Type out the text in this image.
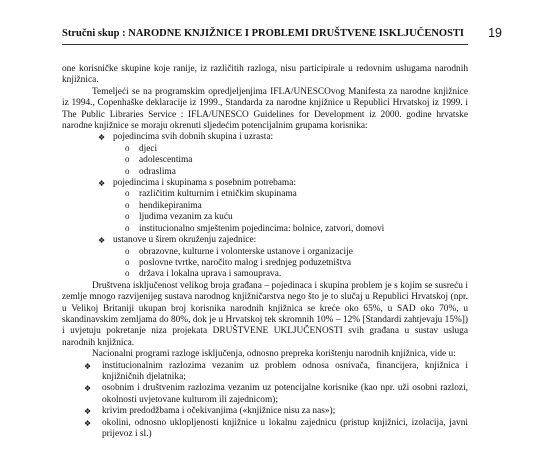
Stručni skup : NARODNE KNJIŽNICE I PROBLEMI DRUŠTVENE ISKLJUČENOSTI 19

one korisničke skupine koje ranije, iz različitih razloga, nisu participirale u redovnim uslugama narodnih knjižnica.

Temeljeći se na programskim opredjeljenjima IFLA/UNESCOvog Manifesta za narodne knjižnice iz 1994., Copenhaške deklaracije iz 1999., Standarda za narodne knjižnice u Republici Hrvatskoj iz 1999. i The Public Libraries Service : IFLA/UNESCO Guidelines for Development iz 2000. godine hrvatske narodne knjižnice se moraju okrenuti sljedećim potencijalnim grupama korisnika:

❖ pojedincima svih dobnih skupina i uzrasta:
o djeci
o adolescentima
o odraslima
❖ pojedincima i skupinama s posebnim potrebama:
o različitim kulturnim i etničkim skupinama
o hendikepiranima
o ljudima vezanim za kuću
o institucionalno smještenim pojedincima: bolnice, zatvori, domovi
❖ ustanove u širem okruženju zajednice:
o obrazovne, kulturne i volonterske ustanove i organizacije
o poslovne tvrtke, naročito malog i srednjeg poduzetništva
o država i lokalna uprava i samouprava.

Društvena isključenost velikog broja građana – pojedinaca i skupina problem je s kojim se susreću i zemlje mnogo razvijenijeg sustava narodnog knjižničarstva nego što je to slučaj u Republici Hrvatskoj (npr. u Velikoj Britaniji ukupan broj korisnika narodnih knjižnica se kreće oko 65%, u SAD oko 70%, u skandinavskim zemljama do 80%, dok je u Hrvatskoj tek skromnih 10% – 12% [Standardi zahtjevaju 15%]) i uvjetuju pokretanje niza projekata DRUŠTVENE UKLJUČENOSTI svih građana u sustav usluga narodnih knjižnica.

Nacionalni programi razloge isključenja, odnosno prepreka korištenju narodnih knjižnica, vide u:

❖ institucionalnim razlozima vezanim uz problem odnosa osnivača, financijera, knjižnica i knjižničnih djelatnika;
❖ osobnim i društvenim razlozima vezanim uz potencijalne korisnike (kao npr. uži osobni razlozi, okolnosti uvjetovane kulturom ili zajednicom);
❖ krivim predodžbama i očekivanjima («knjižnice nisu za nas»);
❖ okolini, odnosno ukloplјenosti knjižnice u lokalnu zajednicu (pristup knjižnici, izolacija, javni prijevoz i sl.)
